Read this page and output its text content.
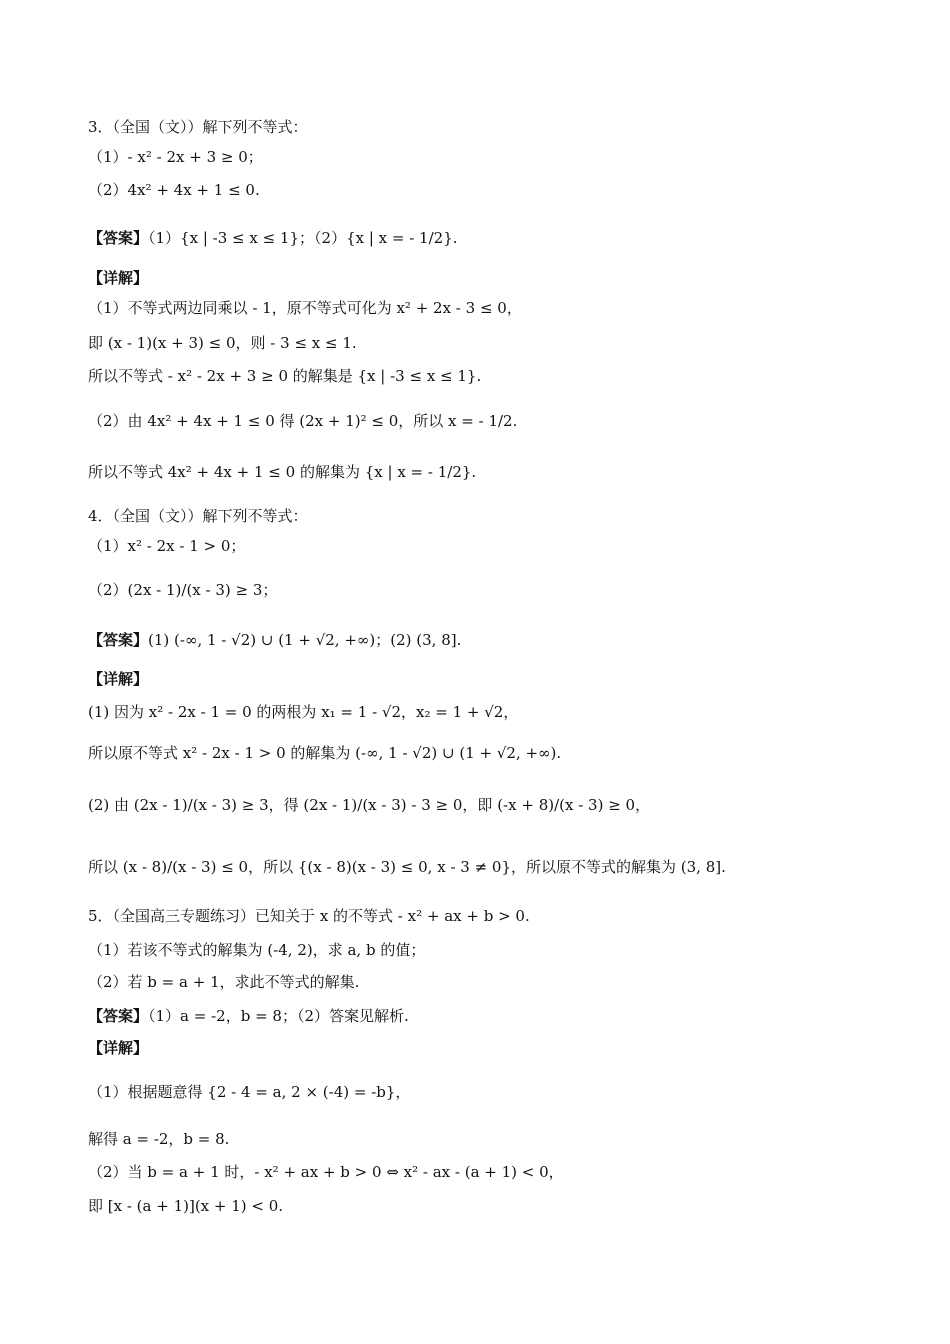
3．（全国（文））解下列不等式：
（1）- x² - 2x + 3 ≥ 0；
（2）4x² + 4x + 1 ≤ 0.
【答案】（1）{x | -3 ≤ x ≤ 1}；（2）{x | x = - 1/2}.
【详解】
（1）不等式两边同乘以 - 1，原不等式可化为 x² + 2x - 3 ≤ 0，
即 (x - 1)(x + 3) ≤ 0，则 - 3 ≤ x ≤ 1.
所以不等式 - x² - 2x + 3 ≥ 0 的解集是 {x | -3 ≤ x ≤ 1}.
（2）由 4x² + 4x + 1 ≤ 0 得 (2x + 1)² ≤ 0，所以 x = - 1/2.
所以不等式 4x² + 4x + 1 ≤ 0 的解集为 {x | x = - 1/2}.
4．（全国（文））解下列不等式：
（1）x² - 2x - 1 > 0；
（2）(2x - 1)/(x - 3) ≥ 3；
【答案】(1) (-∞, 1 - √2) ∪ (1 + √2, +∞)；(2) (3, 8].
【详解】
(1) 因为 x² - 2x - 1 = 0 的两根为 x₁ = 1 - √2，x₂ = 1 + √2，
所以原不等式 x² - 2x - 1 > 0 的解集为 (-∞, 1 - √2) ∪ (1 + √2, +∞).
(2) 由 (2x - 1)/(x - 3) ≥ 3，得 (2x - 1)/(x - 3) - 3 ≥ 0，即 (-x + 8)/(x - 3) ≥ 0，
所以 (x - 8)/(x - 3) ≤ 0，所以 {(x - 8)(x - 3) ≤ 0, x - 3 ≠ 0}，所以原不等式的解集为 (3, 8].
5．（全国高三专题练习）已知关于 x 的不等式 - x² + ax + b > 0.
（1）若该不等式的解集为 (-4, 2)，求 a, b 的值；
（2）若 b = a + 1，求此不等式的解集.
【答案】（1）a = -2，b = 8；（2）答案见解析.
【详解】
（1）根据题意得 {2 - 4 = a, 2 × (-4) = -b}，
解得 a = -2，b = 8.
（2）当 b = a + 1 时，- x² + ax + b > 0 ⇔ x² - ax - (a + 1) < 0，
即 [x - (a + 1)](x + 1) < 0.
